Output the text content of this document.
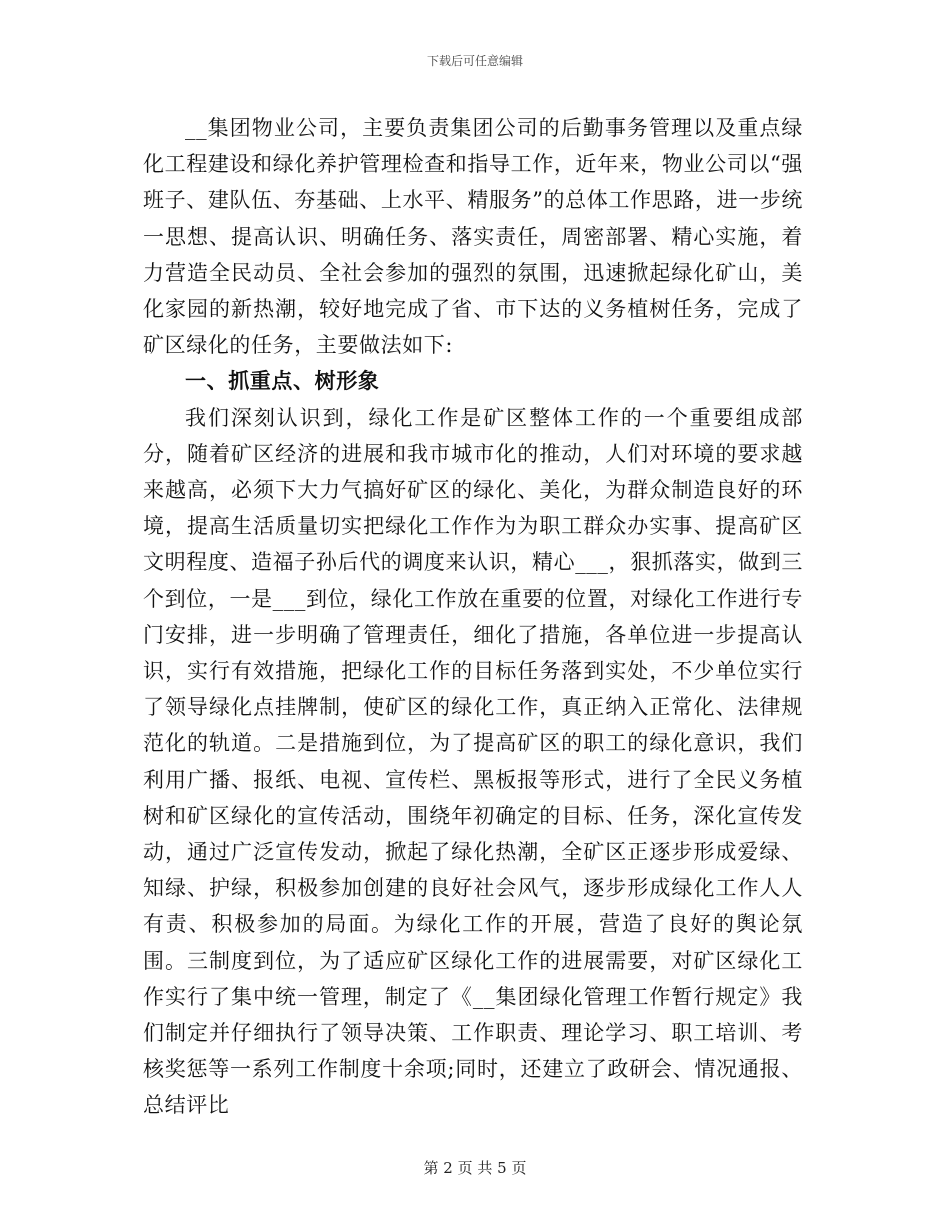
下载后可任意编辑

__集团物业公司，主要负责集团公司的后勤事务管理以及重点绿化工程建设和绿化养护管理检查和指导工作，近年来，物业公司以“强班子、建队伍、夯基础、上水平、精服务”的总体工作思路，进一步统一思想、提高认识、明确任务、落实责任，周密部署、精心实施，着力营造全民动员、全社会参加的强烈的氛围，迅速掀起绿化矿山，美化家园的新热潮，较好地完成了省、市下达的义务植树任务，完成了矿区绿化的任务，主要做法如下:

一、抓重点、树形象

我们深刻认识到，绿化工作是矿区整体工作的一个重要组成部分，随着矿区经济的进展和我市城市化的推动，人们对环境的要求越来越高，必须下大力气搞好矿区的绿化、美化，为群众制造良好的环境，提高生活质量切实把绿化工作作为为职工群众办实事、提高矿区文明程度、造福子孙后代的调度来认识，精心___，狠抓落实，做到三个到位，一是___到位，绿化工作放在重要的位置，对绿化工作进行专门安排，进一步明确了管理责任，细化了措施，各单位进一步提高认识，实行有效措施，把绿化工作的目标任务落到实处，不少单位实行了领导绿化点挂牌制，使矿区的绿化工作，真正纳入正常化、法律规范化的轨道。二是措施到位，为了提高矿区的职工的绿化意识，我们利用广播、报纸、电视、宣传栏、黑板报等形式，进行了全民义务植树和矿区绿化的宣传活动，围绕年初确定的目标、任务，深化宣传发动，通过广泛宣传发动，掀起了绿化热潮，全矿区正逐步形成爱绿、知绿、护绿，积极参加创建的良好社会风气，逐步形成绿化工作人人有责、积极参加的局面。为绿化工作的开展，营造了良好的舆论氛围。三制度到位，为了适应矿区绿化工作的进展需要，对矿区绿化工作实行了集中统一管理，制定了《__集团绿化管理工作暂行规定》我们制定并仔细执行了领导决策、工作职责、理论学习、职工培训、考核奖惩等一系列工作制度十余项;同时，还建立了政研会、情况通报、总结评比

第 2 页 共 5 页
